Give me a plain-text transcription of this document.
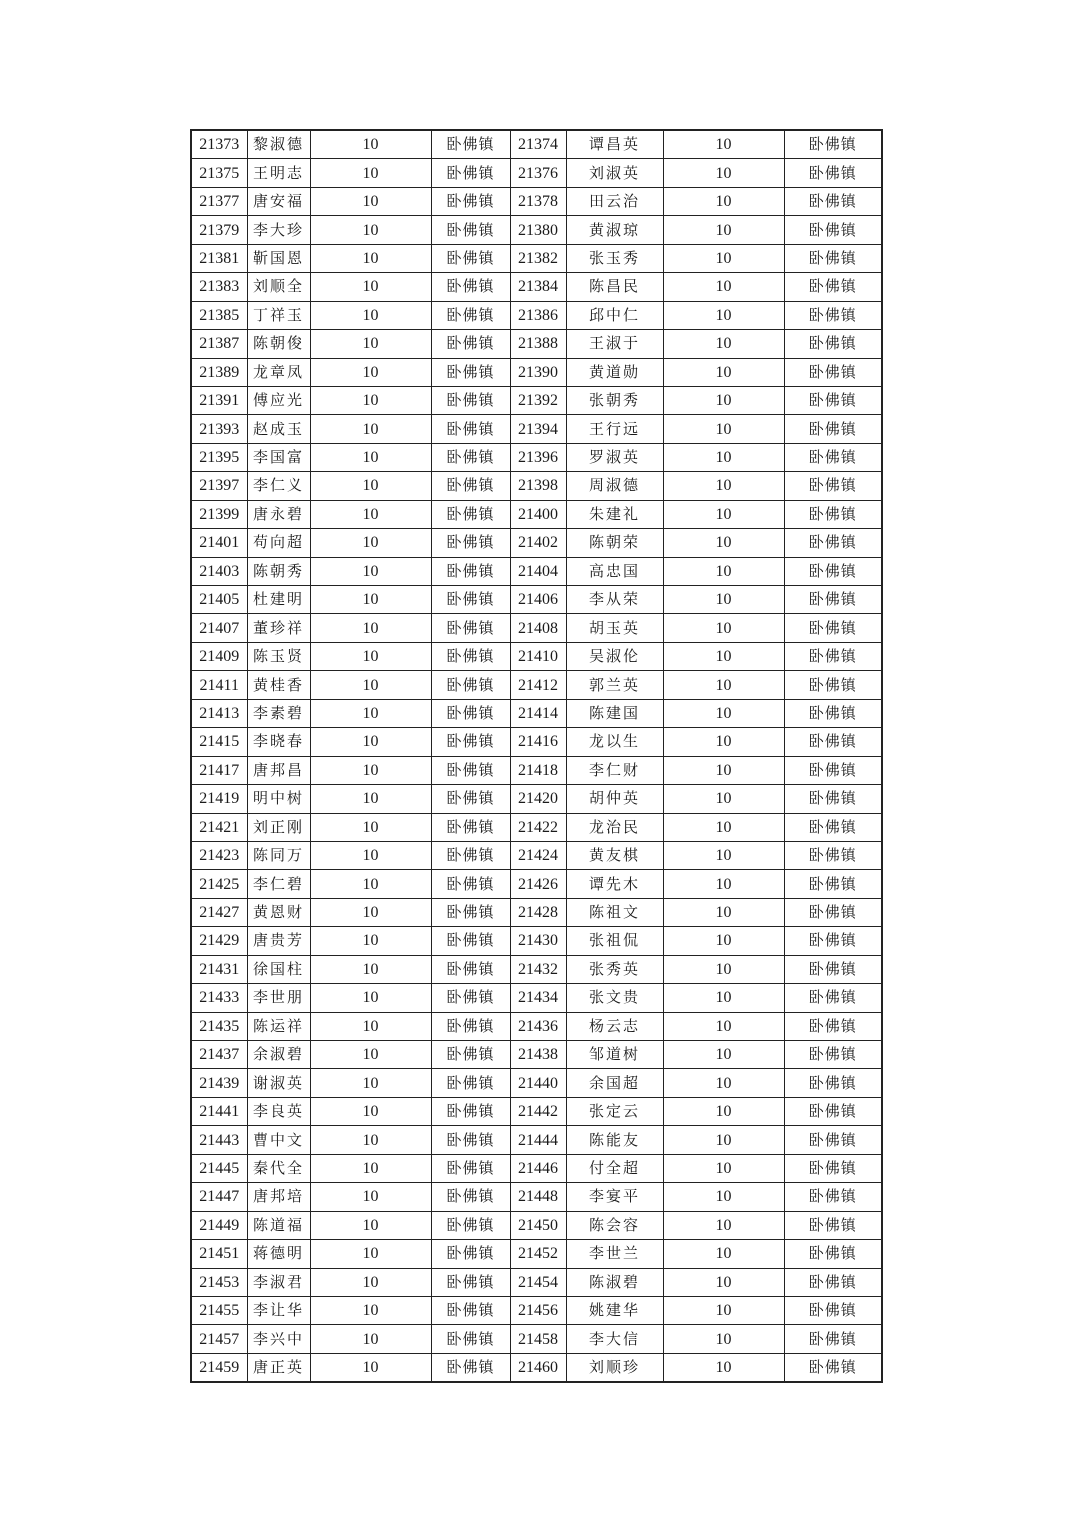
21373	黎淑德	10	卧佛镇	21374	谭昌英	10	卧佛镇
21375	王明志	10	卧佛镇	21376	刘淑英	10	卧佛镇
21377	唐安福	10	卧佛镇	21378	田云治	10	卧佛镇
21379	李大珍	10	卧佛镇	21380	黄淑琼	10	卧佛镇
21381	靳国恩	10	卧佛镇	21382	张玉秀	10	卧佛镇
21383	刘顺全	10	卧佛镇	21384	陈昌民	10	卧佛镇
21385	丁祥玉	10	卧佛镇	21386	邱中仁	10	卧佛镇
21387	陈朝俊	10	卧佛镇	21388	王淑于	10	卧佛镇
21389	龙章凤	10	卧佛镇	21390	黄道勋	10	卧佛镇
21391	傅应光	10	卧佛镇	21392	张朝秀	10	卧佛镇
21393	赵成玉	10	卧佛镇	21394	王行远	10	卧佛镇
21395	李国富	10	卧佛镇	21396	罗淑英	10	卧佛镇
21397	李仁义	10	卧佛镇	21398	周淑德	10	卧佛镇
21399	唐永碧	10	卧佛镇	21400	朱建礼	10	卧佛镇
21401	苟向超	10	卧佛镇	21402	陈朝荣	10	卧佛镇
21403	陈朝秀	10	卧佛镇	21404	高忠国	10	卧佛镇
21405	杜建明	10	卧佛镇	21406	李从荣	10	卧佛镇
21407	董珍祥	10	卧佛镇	21408	胡玉英	10	卧佛镇
21409	陈玉贤	10	卧佛镇	21410	吴淑伦	10	卧佛镇
21411	黄桂香	10	卧佛镇	21412	郭兰英	10	卧佛镇
21413	李素碧	10	卧佛镇	21414	陈建国	10	卧佛镇
21415	李晓春	10	卧佛镇	21416	龙以生	10	卧佛镇
21417	唐邦昌	10	卧佛镇	21418	李仁财	10	卧佛镇
21419	明中树	10	卧佛镇	21420	胡仲英	10	卧佛镇
21421	刘正刚	10	卧佛镇	21422	龙治民	10	卧佛镇
21423	陈同万	10	卧佛镇	21424	黄友棋	10	卧佛镇
21425	李仁碧	10	卧佛镇	21426	谭先木	10	卧佛镇
21427	黄恩财	10	卧佛镇	21428	陈祖文	10	卧佛镇
21429	唐贵芳	10	卧佛镇	21430	张祖侃	10	卧佛镇
21431	徐国柱	10	卧佛镇	21432	张秀英	10	卧佛镇
21433	李世朋	10	卧佛镇	21434	张文贵	10	卧佛镇
21435	陈运祥	10	卧佛镇	21436	杨云志	10	卧佛镇
21437	余淑碧	10	卧佛镇	21438	邹道树	10	卧佛镇
21439	谢淑英	10	卧佛镇	21440	余国超	10	卧佛镇
21441	李良英	10	卧佛镇	21442	张定云	10	卧佛镇
21443	曹中文	10	卧佛镇	21444	陈能友	10	卧佛镇
21445	秦代全	10	卧佛镇	21446	付全超	10	卧佛镇
21447	唐邦培	10	卧佛镇	21448	李宴平	10	卧佛镇
21449	陈道福	10	卧佛镇	21450	陈会容	10	卧佛镇
21451	蒋德明	10	卧佛镇	21452	李世兰	10	卧佛镇
21453	李淑君	10	卧佛镇	21454	陈淑碧	10	卧佛镇
21455	李让华	10	卧佛镇	21456	姚建华	10	卧佛镇
21457	李兴中	10	卧佛镇	21458	李大信	10	卧佛镇
21459	唐正英	10	卧佛镇	21460	刘顺珍	10	卧佛镇
